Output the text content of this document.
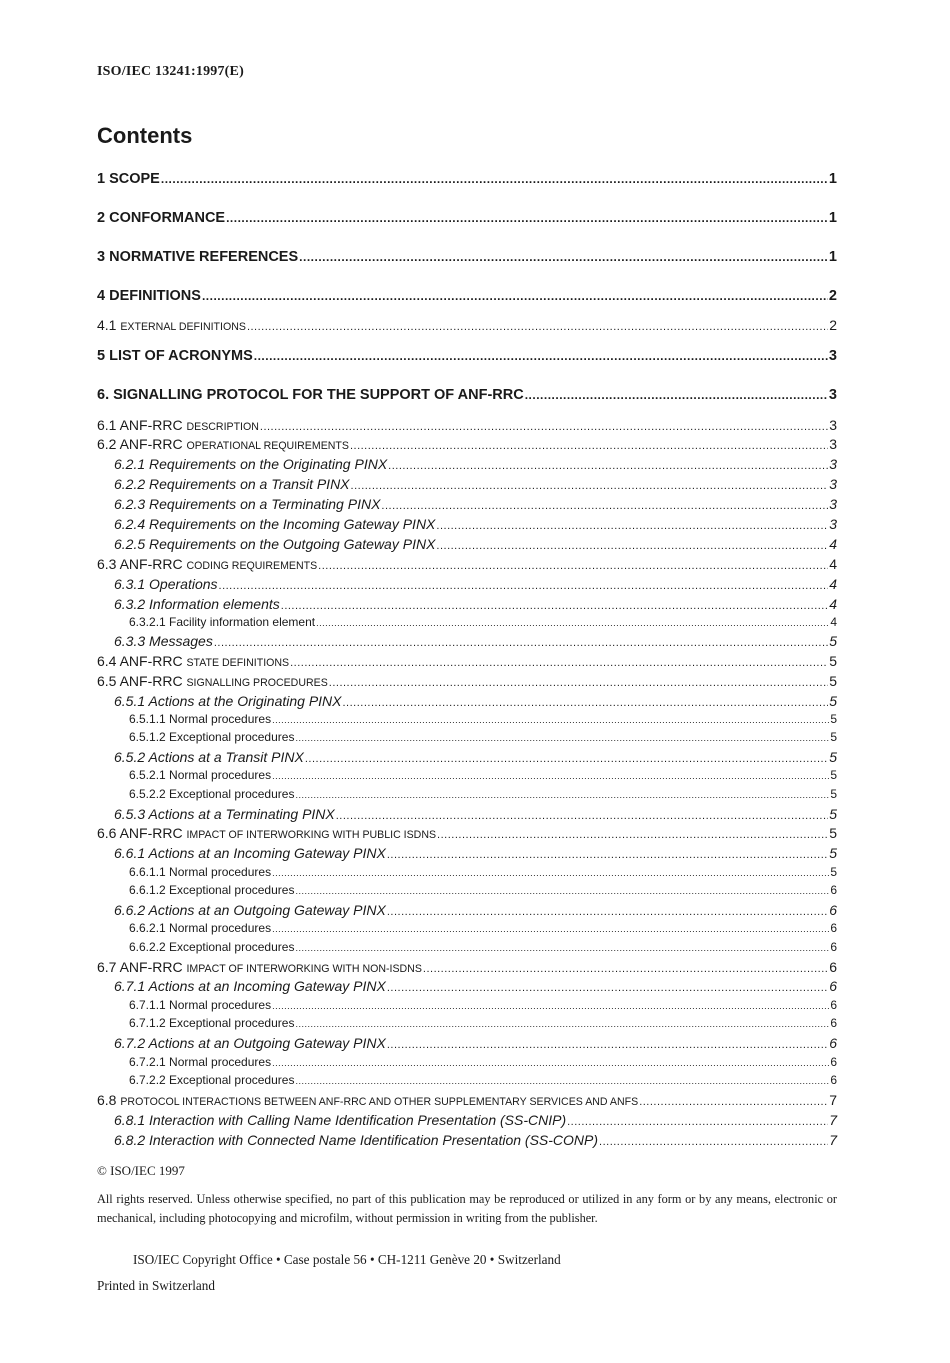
ISO/IEC 13241:1997(E)
Contents
1 SCOPE .....	1
2 CONFORMANCE .....	1
3 NORMATIVE REFERENCES .....	1
4 DEFINITIONS .....	2
4.1 EXTERNAL DEFINITIONS .....	2
5 LIST OF ACRONYMS .....	3
6. SIGNALLING PROTOCOL FOR THE SUPPORT OF ANF-RRC .....	3
6.1 ANF-RRC DESCRIPTION .....	3
6.2 ANF-RRC OPERATIONAL REQUIREMENTS .....	3
6.2.1 Requirements on the Originating PINX .....	3
6.2.2 Requirements on a Transit PINX .....	3
6.2.3 Requirements on a Terminating PINX .....	3
6.2.4 Requirements on the Incoming Gateway PINX .....	3
6.2.5 Requirements on the Outgoing Gateway PINX .....	4
6.3 ANF-RRC CODING REQUIREMENTS .....	4
6.3.1 Operations .....	4
6.3.2 Information elements .....	4
6.3.2.1 Facility information element .....	4
6.3.3 Messages .....	5
6.4 ANF-RRC STATE DEFINITIONS .....	5
6.5 ANF-RRC SIGNALLING PROCEDURES .....	5
6.5.1 Actions at the Originating PINX .....	5
6.5.1.1 Normal procedures .....	5
6.5.1.2 Exceptional procedures .....	5
6.5.2 Actions at a Transit PINX .....	5
6.5.2.1 Normal procedures .....	5
6.5.2.2 Exceptional procedures .....	5
6.5.3 Actions at a Terminating PINX .....	5
6.6 ANF-RRC IMPACT OF INTERWORKING WITH PUBLIC ISDNS .....	5
6.6.1 Actions at an Incoming Gateway PINX .....	5
6.6.1.1 Normal procedures .....	5
6.6.1.2 Exceptional procedures .....	6
6.6.2 Actions at an Outgoing Gateway PINX .....	6
6.6.2.1 Normal procedures .....	6
6.6.2.2 Exceptional procedures .....	6
6.7 ANF-RRC IMPACT OF INTERWORKING WITH NON-ISDNS .....	6
6.7.1 Actions at an Incoming Gateway PINX .....	6
6.7.1.1 Normal procedures .....	6
6.7.1.2 Exceptional procedures .....	6
6.7.2 Actions at an Outgoing Gateway PINX .....	6
6.7.2.1 Normal procedures .....	6
6.7.2.2 Exceptional procedures .....	6
6.8 PROTOCOL INTERACTIONS BETWEEN ANF-RRC AND OTHER SUPPLEMENTARY SERVICES AND ANFS .....	7
6.8.1 Interaction with Calling Name Identification Presentation (SS-CNIP) .....	7
6.8.2 Interaction with Connected Name Identification Presentation (SS-CONP) .....	7
© ISO/IEC 1997
All rights reserved. Unless otherwise specified, no part of this publication may be reproduced or utilized in any form or by any means, electronic or mechanical, including photocopying and microfilm, without permission in writing from the publisher.
ISO/IEC Copyright Office • Case postale 56 • CH-1211 Genève 20 • Switzerland
Printed in Switzerland
